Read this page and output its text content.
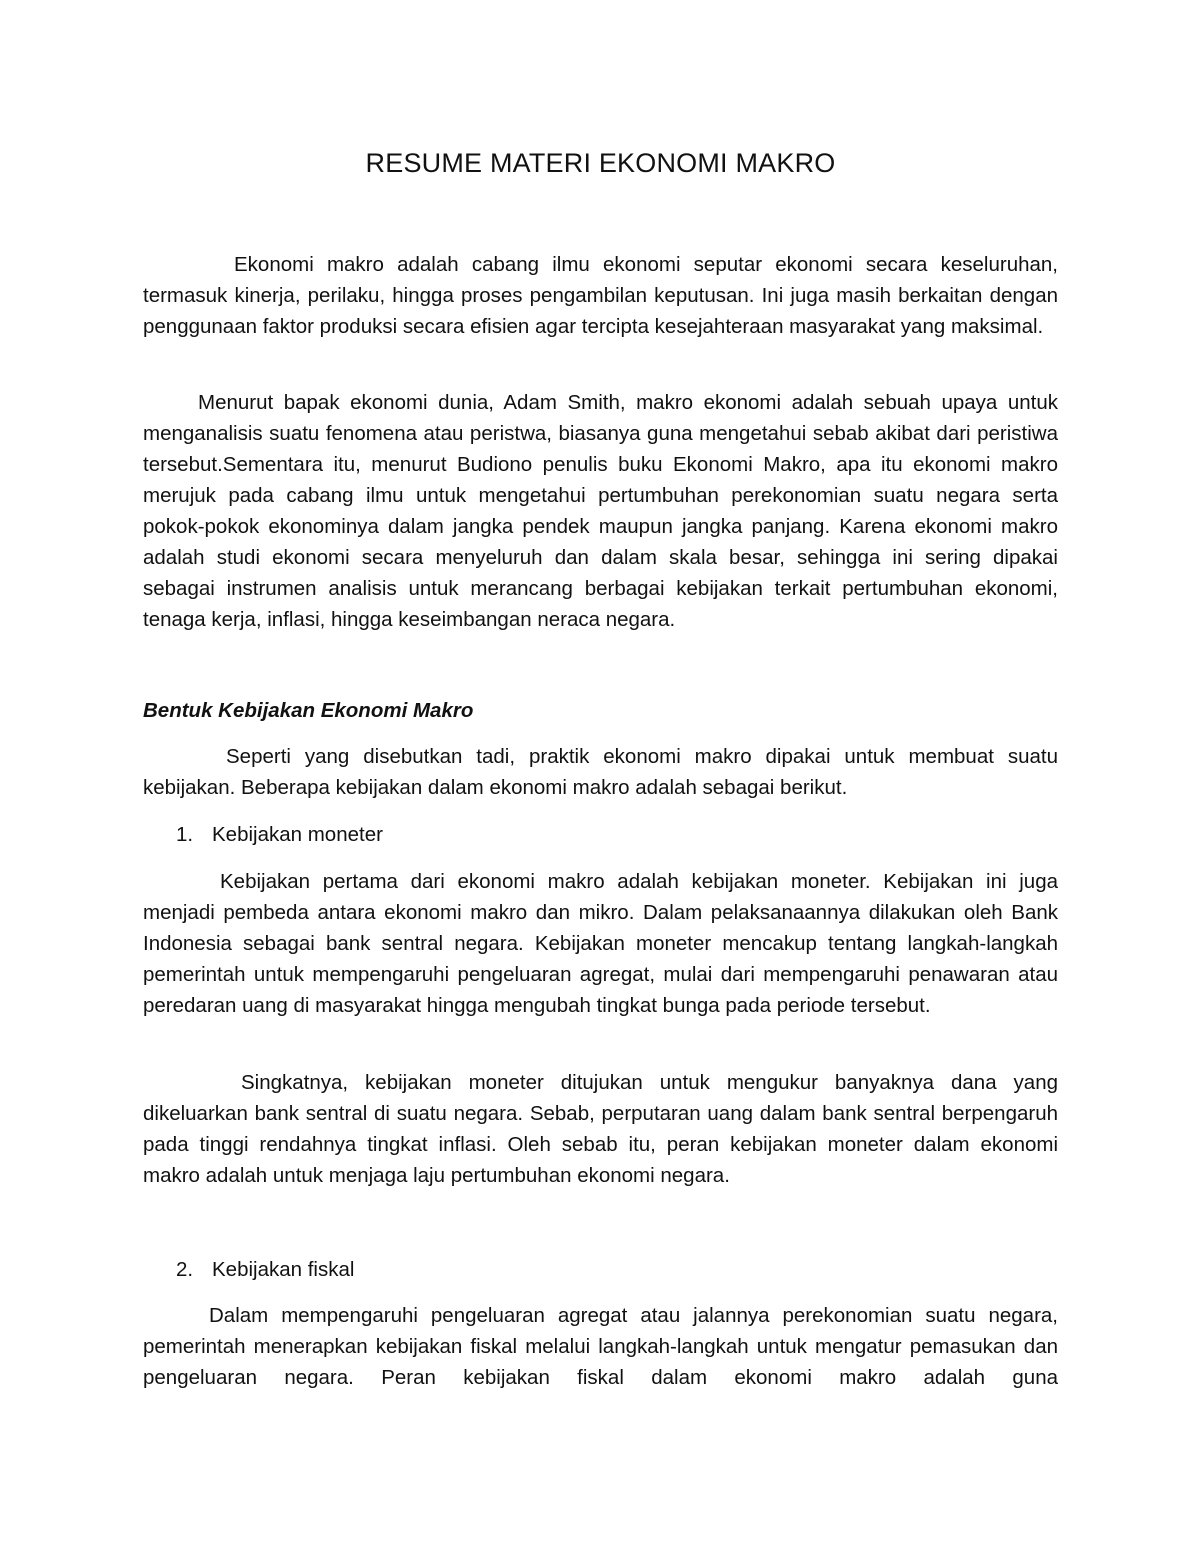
RESUME MATERI EKONOMI MAKRO

Ekonomi makro adalah cabang ilmu ekonomi seputar ekonomi secara keseluruhan, termasuk kinerja, perilaku, hingga proses pengambilan keputusan. Ini juga masih berkaitan dengan penggunaan faktor produksi secara efisien agar tercipta kesejahteraan masyarakat yang maksimal.

Menurut bapak ekonomi dunia, Adam Smith, makro ekonomi adalah sebuah upaya untuk menganalisis suatu fenomena atau peristwa, biasanya guna mengetahui sebab akibat dari peristiwa tersebut.Sementara itu, menurut Budiono penulis buku Ekonomi Makro, apa itu ekonomi makro merujuk pada cabang ilmu untuk mengetahui pertumbuhan perekonomian suatu negara serta pokok-pokok ekonominya dalam jangka pendek maupun jangka panjang. Karena ekonomi makro adalah studi ekonomi secara menyeluruh dan dalam skala besar, sehingga ini sering dipakai sebagai instrumen analisis untuk merancang berbagai kebijakan terkait pertumbuhan ekonomi, tenaga kerja, inflasi, hingga keseimbangan neraca negara.

Bentuk Kebijakan Ekonomi Makro

Seperti yang disebutkan tadi, praktik ekonomi makro dipakai untuk membuat suatu kebijakan. Beberapa kebijakan dalam ekonomi makro adalah sebagai berikut.

1. Kebijakan moneter

Kebijakan pertama dari ekonomi makro adalah kebijakan moneter. Kebijakan ini juga menjadi pembeda antara ekonomi makro dan mikro. Dalam pelaksanaannya dilakukan oleh Bank Indonesia sebagai bank sentral negara. Kebijakan moneter mencakup tentang langkah-langkah pemerintah untuk mempengaruhi pengeluaran agregat, mulai dari mempengaruhi penawaran atau peredaran uang di masyarakat hingga mengubah tingkat bunga pada periode tersebut.

Singkatnya, kebijakan moneter ditujukan untuk mengukur banyaknya dana yang dikeluarkan bank sentral di suatu negara. Sebab, perputaran uang dalam bank sentral berpengaruh pada tinggi rendahnya tingkat inflasi. Oleh sebab itu, peran kebijakan moneter dalam ekonomi makro adalah untuk menjaga laju pertumbuhan ekonomi negara.

2. Kebijakan fiskal

Dalam mempengaruhi pengeluaran agregat atau jalannya perekonomian suatu negara, pemerintah menerapkan kebijakan fiskal melalui langkah-langkah untuk mengatur pemasukan dan pengeluaran negara. Peran kebijakan fiskal dalam ekonomi makro adalah guna
